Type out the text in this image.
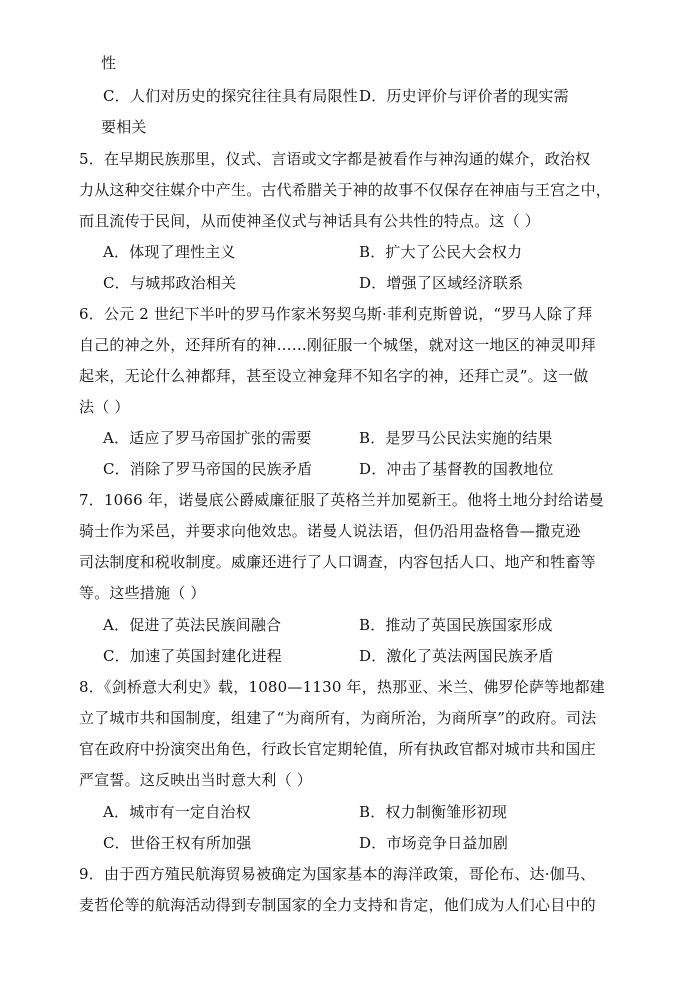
性
C．人们对历史的探究往往具有局限性 D．历史评价与评价者的现实需
要相关
5．在早期民族那里，仪式、言语或文字都是被看作与神沟通的媒介，政治权
力从这种交往媒介中产生。古代希腊关于神的故事不仅保存在神庙与王宫之中，
而且流传于民间，从而使神圣仪式与神话具有公共性的特点。这（ ）
A．体现了理性主义	B．扩大了公民大会权力
C．与城邦政治相关	D．增强了区域经济联系
6．公元 2 世纪下半叶的罗马作家米努契乌斯·菲利克斯曾说，“罗马人除了拜
自己的神之外，还拜所有的神……刚征服一个城堡，就对这一地区的神灵叩拜
起来，无论什么神都拜，甚至设立神龛拜不知名字的神，还拜亡灵”。这一做
法（ ）
A．适应了罗马帝国扩张的需要	B．是罗马公民法实施的结果
C．消除了罗马帝国的民族矛盾	D．冲击了基督教的国教地位
7．1066 年，诺曼底公爵威廉征服了英格兰并加冕新王。他将土地分封给诺曼
骑士作为采邑，并要求向他效忠。诺曼人说法语，但仍沿用盎格鲁—撒克逊
司法制度和税收制度。威廉还进行了人口调查，内容包括人口、地产和牲畜等
等。这些措施（ ）
A．促进了英法民族间融合	B．推动了英国民族国家形成
C．加速了英国封建化进程	D．激化了英法两国民族矛盾
8．《剑桥意大利史》载，1080—1130 年，热那亚、米兰、佛罗伦萨等地都建
立了城市共和国制度，组建了“为商所有，为商所治，为商所享”的政府。司法
官在政府中扮演突出角色，行政长官定期轮值，所有执政官都对城市共和国庄
严宣誓。这反映出当时意大利（ ）
A．城市有一定自治权	B．权力制衡雏形初现
C．世俗王权有所加强	D．市场竞争日益加剧
9．由于西方殖民航海贸易被确定为国家基本的海洋政策，哥伦布、达·伽马、
麦哲伦等的航海活动得到专制国家的全力支持和肯定，他们成为人们心目中的
